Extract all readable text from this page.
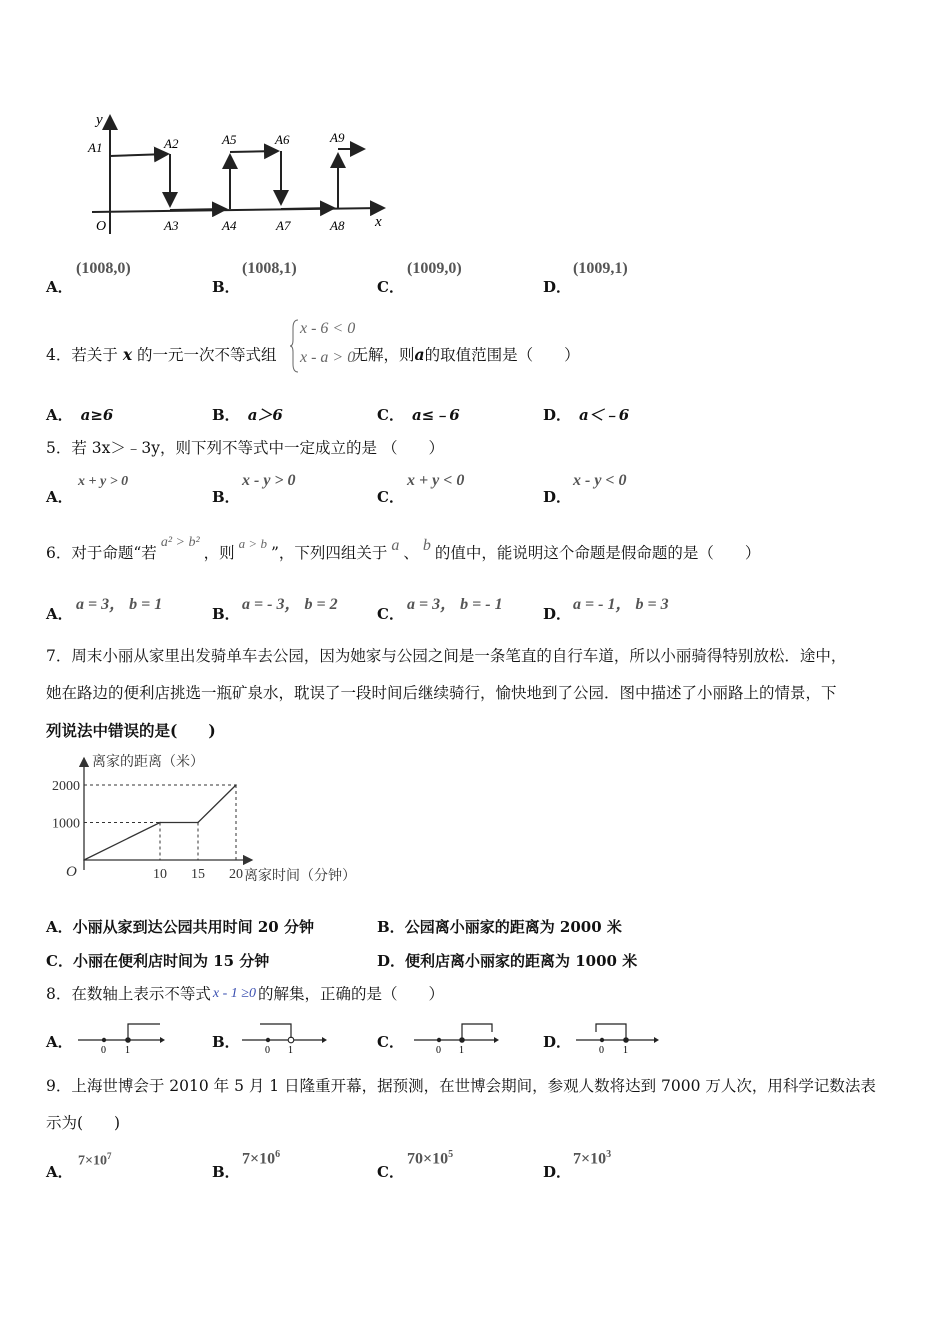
y
x
O
A1	A2
A3	A4
A5	A6
A7	A8
A9
A．
(1008,0)
B．
(1008,1)
C．
(1009,0)
D．
(1009,1)
4．若关于 x 的一元一次不等式组	无解，则a的取值范围是（　　）
x - 6 < 0
x - a > 0
A． a≥6	B． a＞6	C． a≤﹣6	D． a＜﹣6
5．若 3x＞﹣3y，则下列不等式中一定成立的是 （　　）
A．
x + y > 0
B．
x - y > 0
C．
x + y < 0
D．
x - y < 0
6．对于命题“若a² > b²，则$^{a > b}$”，下列四组关于 a 、 b 的值中，能说明这个命题是假命题的是（　　）
A．
a = 3， b = 1
B．
a = - 3， b = 2
C．
a = 3， b = - 1
D．
a = - 1， b = 3
7．周末小丽从家里出发骑单车去公园，因为她家与公园之间是一条笔直的自行车道，所以小丽骑得特别放松．途中，
她在路边的便利店挑选一瓶矿泉水，耽误了一段时间后继续骑行，愉快地到了公园．图中描述了小丽路上的情景，下
列说法中错误的是(　　)
离家的距离（米）
离家时间（分钟）
O
1000
2000
10 15 20
A．小丽从家到达公园共用时间 20 分钟	B．公园离小丽家的距离为 2000 米
C．小丽在便利店时间为 15 分钟	D．便利店离小丽家的距离为 1000 米
8．在数轴上表示不等式 x - 1 ≥0 的解集，正确的是（　　）
A．	0 1	B．	0 1	C．	0 1	D．	0 1
9．上海世博会于 2010 年 5 月 1 日隆重开幕，据预测，在世博会期间，参观人数将达到 7000 万人次，用科学记数法表
示为(　　)
A．
$7\times 10^7$
B．
$7\times 10^6$
C．
$70\times 10^5$
D．
$7\times 10^3$
